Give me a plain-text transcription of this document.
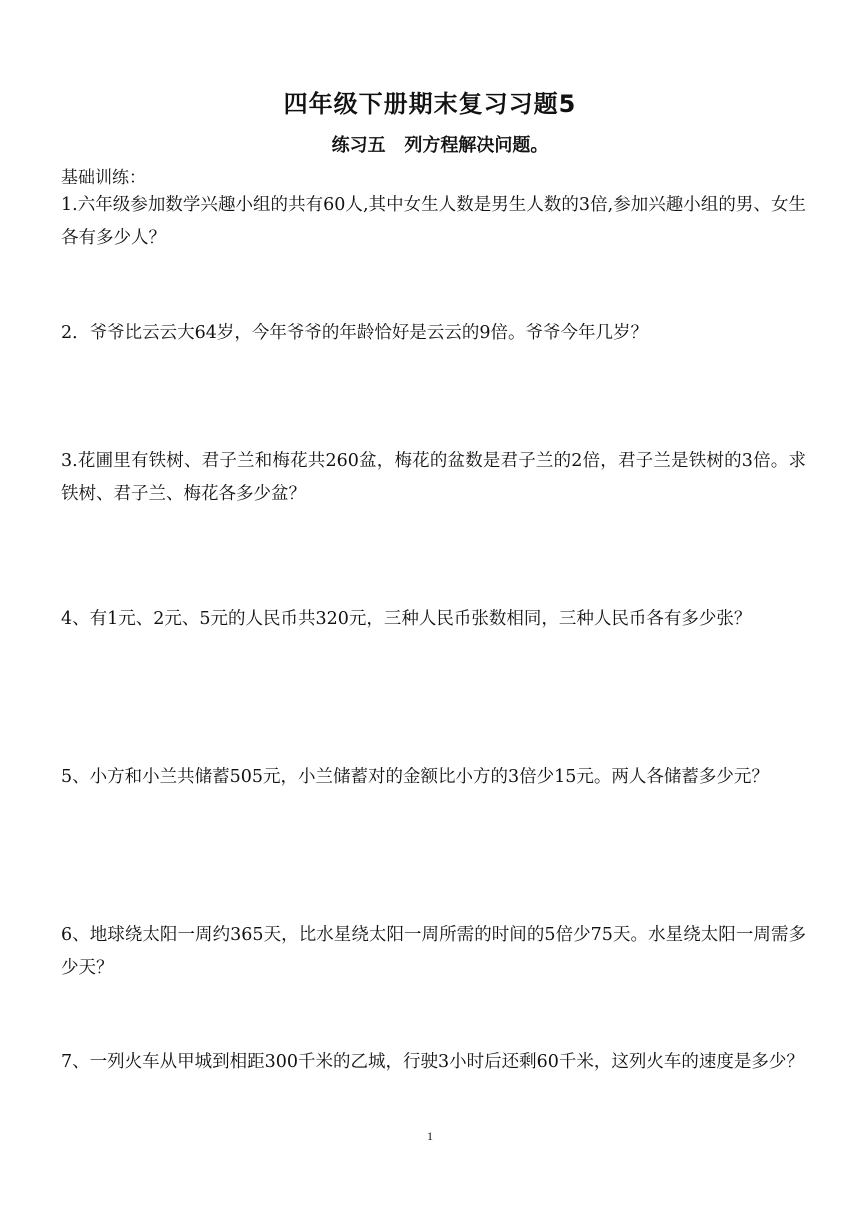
四年级下册期末复习习题5
练习五   列方程解决问题。
基础训练：
1.六年级参加数学兴趣小组的共有60人,其中女生人数是男生人数的3倍,参加兴趣小组的男、女生各有多少人？
2．爷爷比云云大64岁，今年爷爷的年龄恰好是云云的9倍。爷爷今年几岁？
3.花圃里有铁树、君子兰和梅花共260盆，梅花的盆数是君子兰的2倍，君子兰是铁树的3倍。求铁树、君子兰、梅花各多少盆？
4、有1元、2元、5元的人民币共320元，三种人民币张数相同，三种人民币各有多少张？
5、小方和小兰共储蓄505元，小兰储蓄对的金额比小方的3倍少15元。两人各储蓄多少元？
6、地球绕太阳一周约365天，比水星绕太阳一周所需的时间的5倍少75天。水星绕太阳一周需多少天？
7、一列火车从甲城到相距300千米的乙城，行驶3小时后还剩60千米，这列火车的速度是多少？
1
